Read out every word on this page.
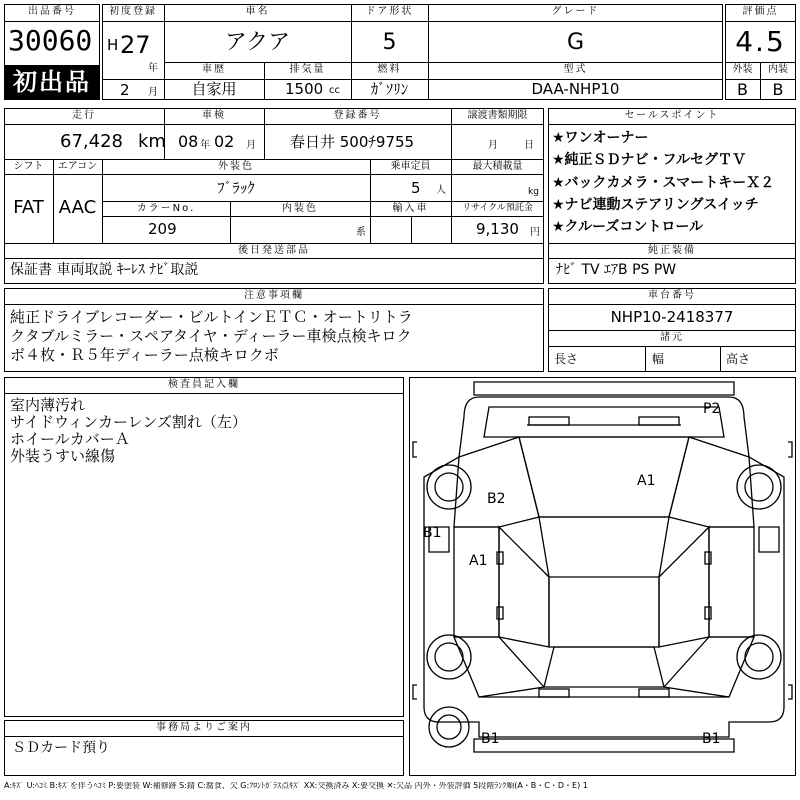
出品番号
30060
初出品
初度登録
H 27
年
2 月
車名
アクア
ドア形状
5
グレード
G
車歴
自家用
排気量
1500 cc
燃料
ｶﾞｿﾘﾝ
型式
DAA-NHP10
評価点
4.5
外装	内装
B	B
走行
67,428 km
車検
08 年 02 月
登録番号
春日井 500ﾁ9755
譲渡書類期限
月	日
シフト
FAT
エアコン
AAC
外装色
ﾌﾞﾗｯｸ
乗車定員
5 人
最大積載量
kg
カラーNo.
209
内装色
系
輸入車	リサイクル預託金
9,130 円
後日発送部品
保証書 車両取説 ｷｰﾚｽ ﾅﾋﾞ取説
セールスポイント
★ワンオーナー
★純正ＳＤナビ・フルセグＴＶ
★バックカメラ・スマートキーＸ２
★ナビ連動ステアリングスイッチ
★クルーズコントロール
純正装備
ﾅﾋﾞ TV ｴｱB PS PW
注意事項欄
純正ドライブレコーダー・ビルトインＥＴＣ・オートリトラ
クタブルミラー・スペアタイヤ・ディーラー車検点検キロク
ボ４枚・Ｒ５年ディーラー点検キロクボ
車台番号
NHP10-2418377
諸元
長さ	幅	高さ
検査員記入欄
室内薄汚れ
サイドウィンカーレンズ割れ（左）
ホイールカバーＡ
外装うすい線傷
事務局よりご案内
ＳＤカード預り
P2
A1
B2
B1
A1
B1	B1
A:ｷｽﾞ U:ﾍｺﾐ B:ｷｽﾞを伴うﾍｺﾐ P:要塗装 W:補修跡 S:錆 C:腐食、欠 G:ﾌﾛﾝﾄｶﾞﾗｽ点ｷｽﾞ XX:交換済み X:要交換 ✕:欠品 内外・外装評価 5段階ﾗﾝｸ順(A・B・C・D・E) 1
